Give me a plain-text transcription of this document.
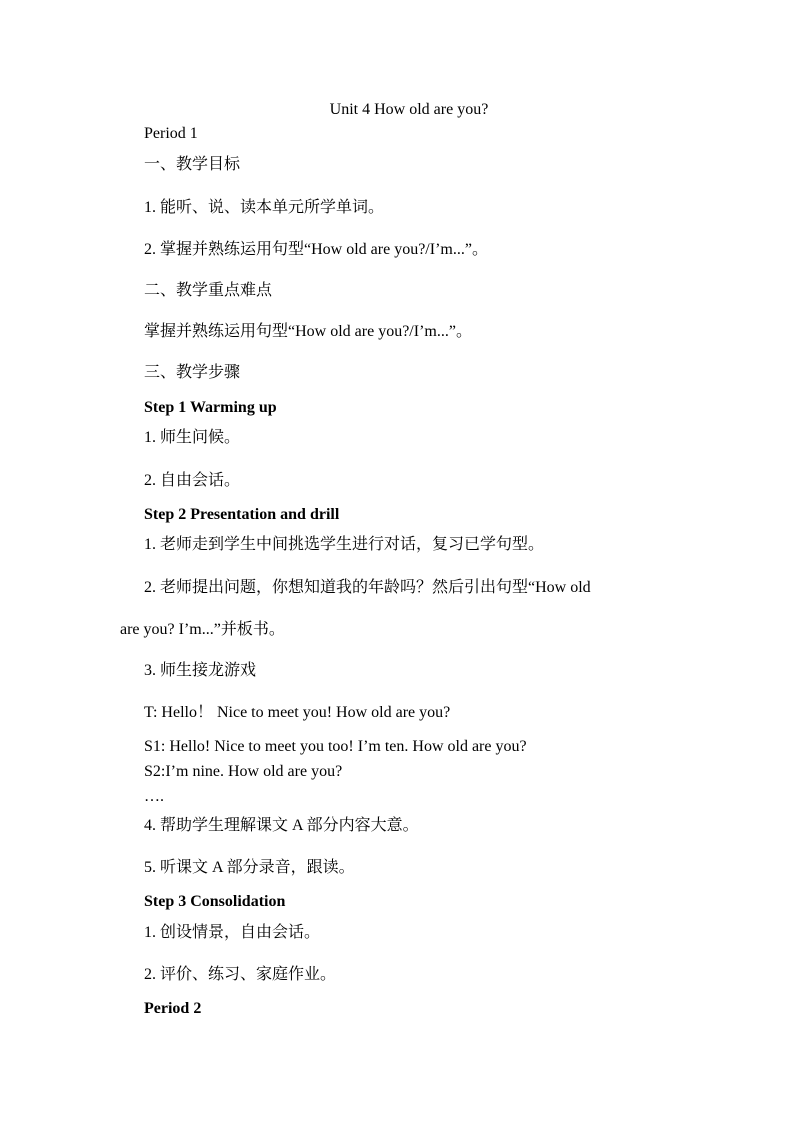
Unit 4 How old are you?
Period 1
一、教学目标
1. 能听、说、读本单元所学单词。
2. 掌握并熟练运用句型“How old are you?/I’m...”。
二、教学重点难点
掌握并熟练运用句型“How old are you?/I’m...”。
三、教学步骤
Step 1 Warming up
1. 师生问候。
2. 自由会话。
Step 2 Presentation and drill
1. 老师走到学生中间挑选学生进行对话，复习已学句型。
2. 老师提出问题，你想知道我的年龄吗？然后引出句型“How old
are you? I’m...”并板书。
3. 师生接龙游戏
T: Hello！ Nice to meet you! How old are you?
S1: Hello! Nice to meet you too! I’m ten. How old are you?
S2:I’m nine. How old are you?
….
4. 帮助学生理解课文 A 部分内容大意。
5. 听课文 A 部分录音，跟读。
Step 3 Consolidation
1. 创设情景，自由会话。
2. 评价、练习、家庭作业。
Period 2
